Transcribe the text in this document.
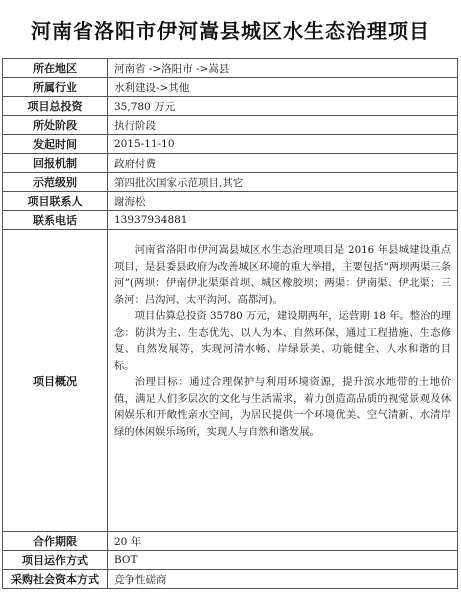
河南省洛阳市伊河嵩县城区水生态治理项目
所在地区	河南省 ->洛阳市 ->嵩县
所属行业	水利建设->其他
项目总投资	35,780 万元
所处阶段	执行阶段
发起时间	2015-11-10
回报机制	政府付费
示范级别	第四批次国家示范项目,其它
项目联系人	谢海松
联系电话	13937934881
项目概况	河南省洛阳市伊河嵩县城区水生态治理项目是 2016 年县城建设重点项目，是县委县政府为改善城区环境的重大举措，主要包括“两坝两渠三条河”(两坝：伊南伊北渠渠首坝、城区橡胶坝；两渠：伊南渠、伊北渠；三条河：吕沟河、太平沟河、高都河)。

项目估算总投资 35780 万元，建设期两年，运营期 18 年。整治的理念：防洪为主、生态优先、以人为本、自然环保，通过工程措施、生态修复、自然发展等，实现河清水畅、岸绿景美、功能健全、人水和谐的目标。

治理目标：通过合理保护与利用环境资源，提升滨水地带的土地价值，满足人们多层次的文化与生活需求，着力创造高品质的视觉景观及休闲娱乐和开敞性亲水空间，为居民提供一个环境优美、空气清新、水清岸绿的休闲娱乐场所，实现人与自然和谐发展。

合作期限	20 年
项目运作方式	BOT
采购社会资本方式	竞争性磋商
